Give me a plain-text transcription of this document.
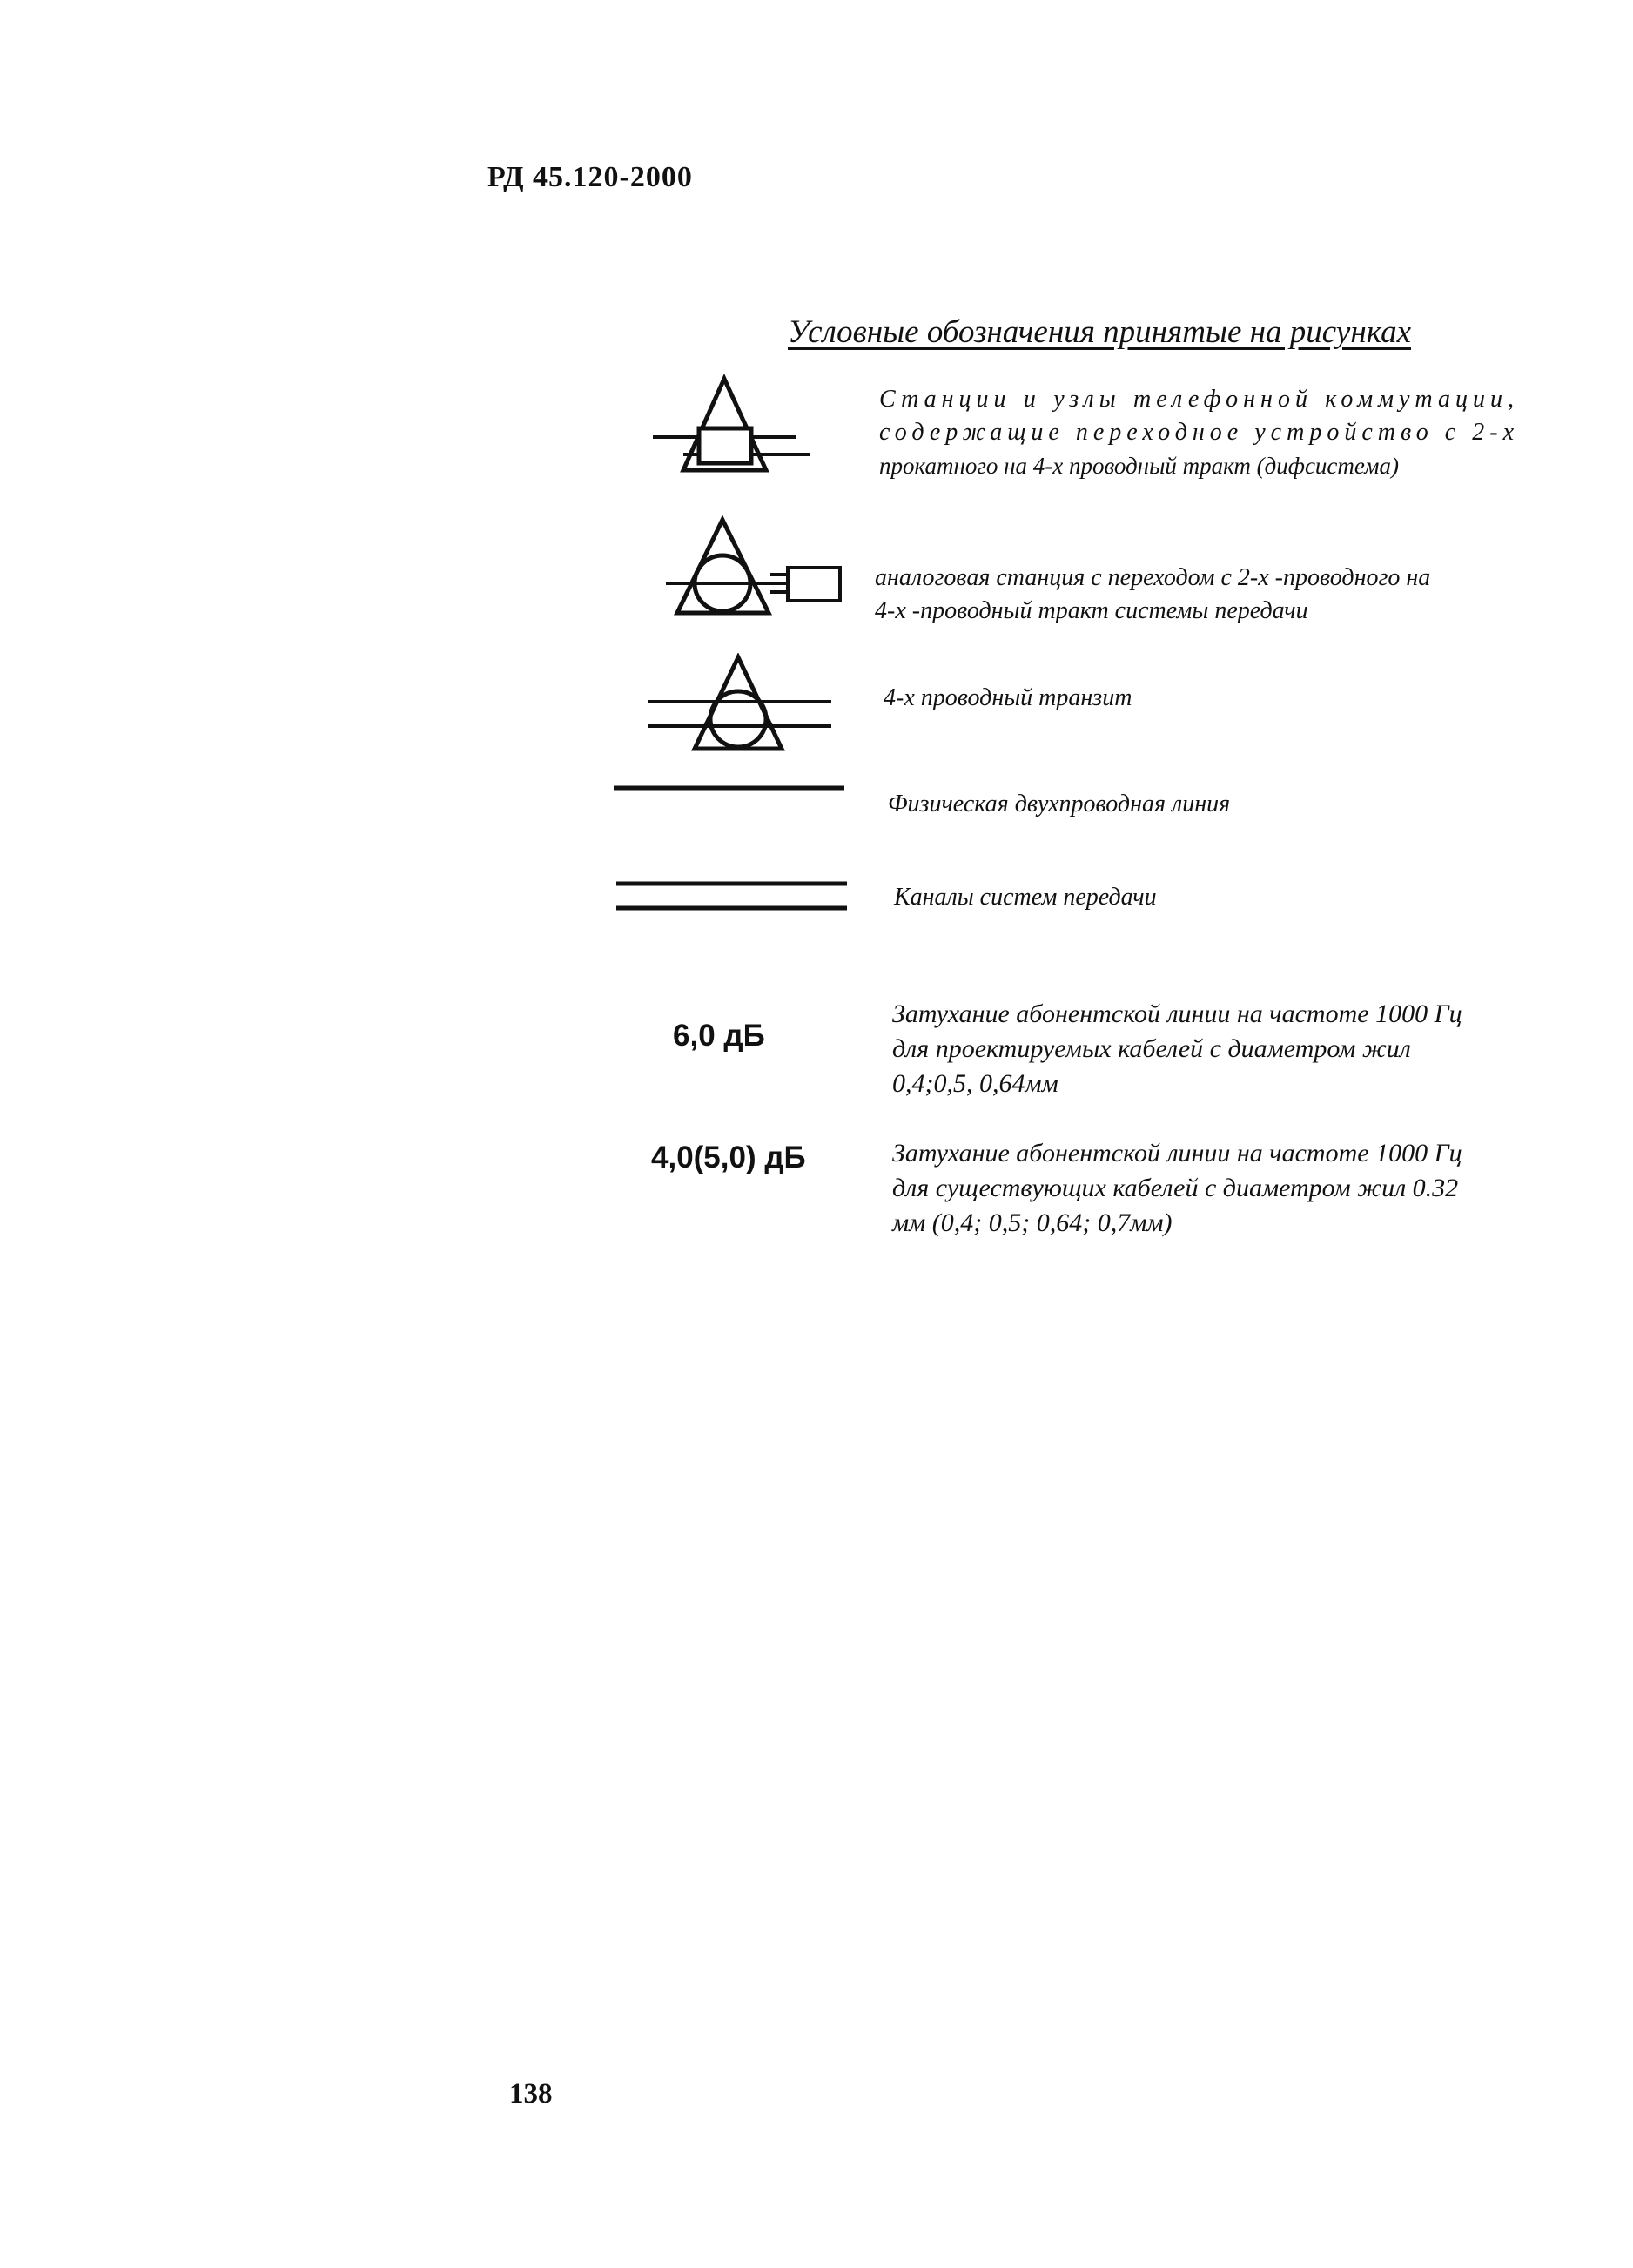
РД 45.120-2000
Условные обозначения принятые на рисунках
Станции и узлы телефонной коммутации,
содержащие переходное устройство с 2-х
прокатного на 4-х проводный тракт (дифсистема)
аналоговая станция с переходом с 2-х -проводного на
4-х -проводный тракт системы передачи
4-х проводный транзит
Физическая двухпроводная линия
Каналы систем передачи
6,0 дБ
Затухание абонентской линии на частоте 1000 Гц
для проектируемых кабелей с диаметром жил
0,4;0,5, 0,64мм
4,0(5,0) дБ	Затухание абонентской линии на частоте 1000 Гц
для существующих кабелей с диаметром жил 0.32
мм (0,4; 0,5; 0,64; 0,7мм)
138
